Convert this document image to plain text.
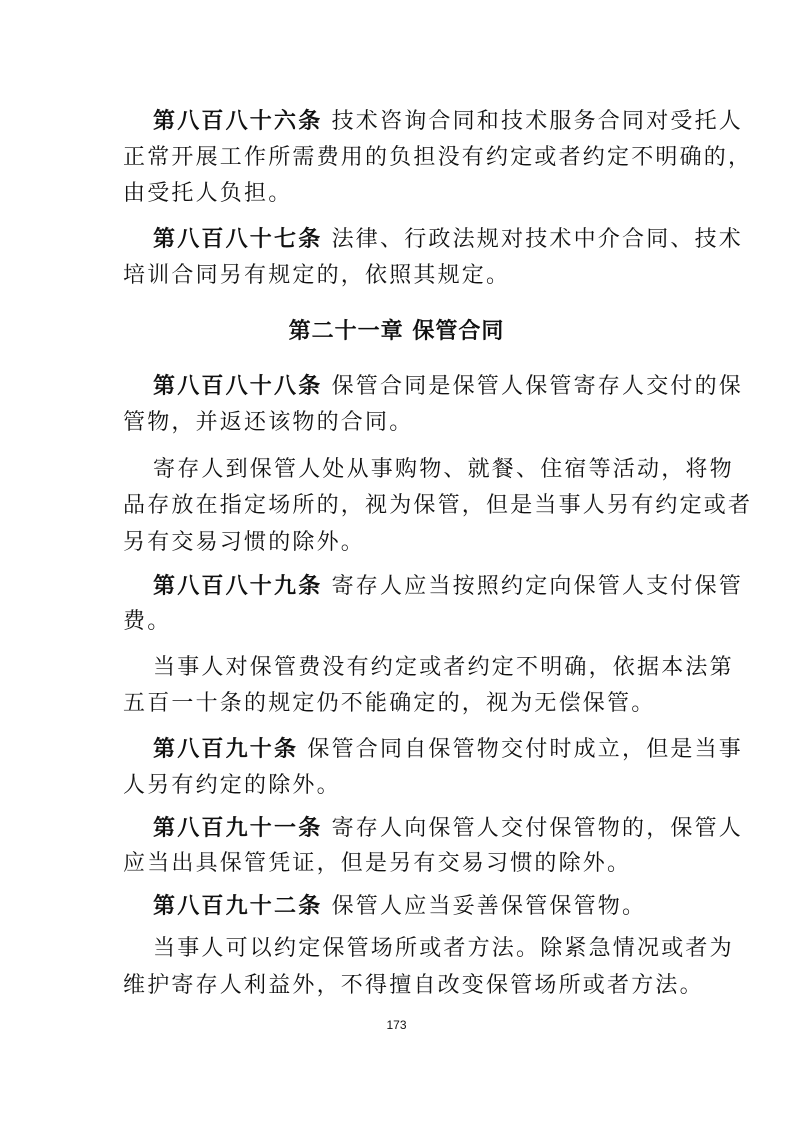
第八百八十六条 技术咨询合同和技术服务合同对受托人
正常开展工作所需费用的负担没有约定或者约定不明确的，
由受托人负担。
第八百八十七条 法律、行政法规对技术中介合同、技术
培训合同另有规定的，依照其规定。
第二十一章 保管合同
第八百八十八条 保管合同是保管人保管寄存人交付的保
管物，并返还该物的合同。
寄存人到保管人处从事购物、就餐、住宿等活动，将物
品存放在指定场所的，视为保管，但是当事人另有约定或者
另有交易习惯的除外。
第八百八十九条 寄存人应当按照约定向保管人支付保管
费。
当事人对保管费没有约定或者约定不明确，依据本法第
五百一十条的规定仍不能确定的，视为无偿保管。
第八百九十条 保管合同自保管物交付时成立，但是当事
人另有约定的除外。
第八百九十一条 寄存人向保管人交付保管物的，保管人
应当出具保管凭证，但是另有交易习惯的除外。
第八百九十二条 保管人应当妥善保管保管物。
当事人可以约定保管场所或者方法。除紧急情况或者为
维护寄存人利益外，不得擅自改变保管场所或者方法。
173
